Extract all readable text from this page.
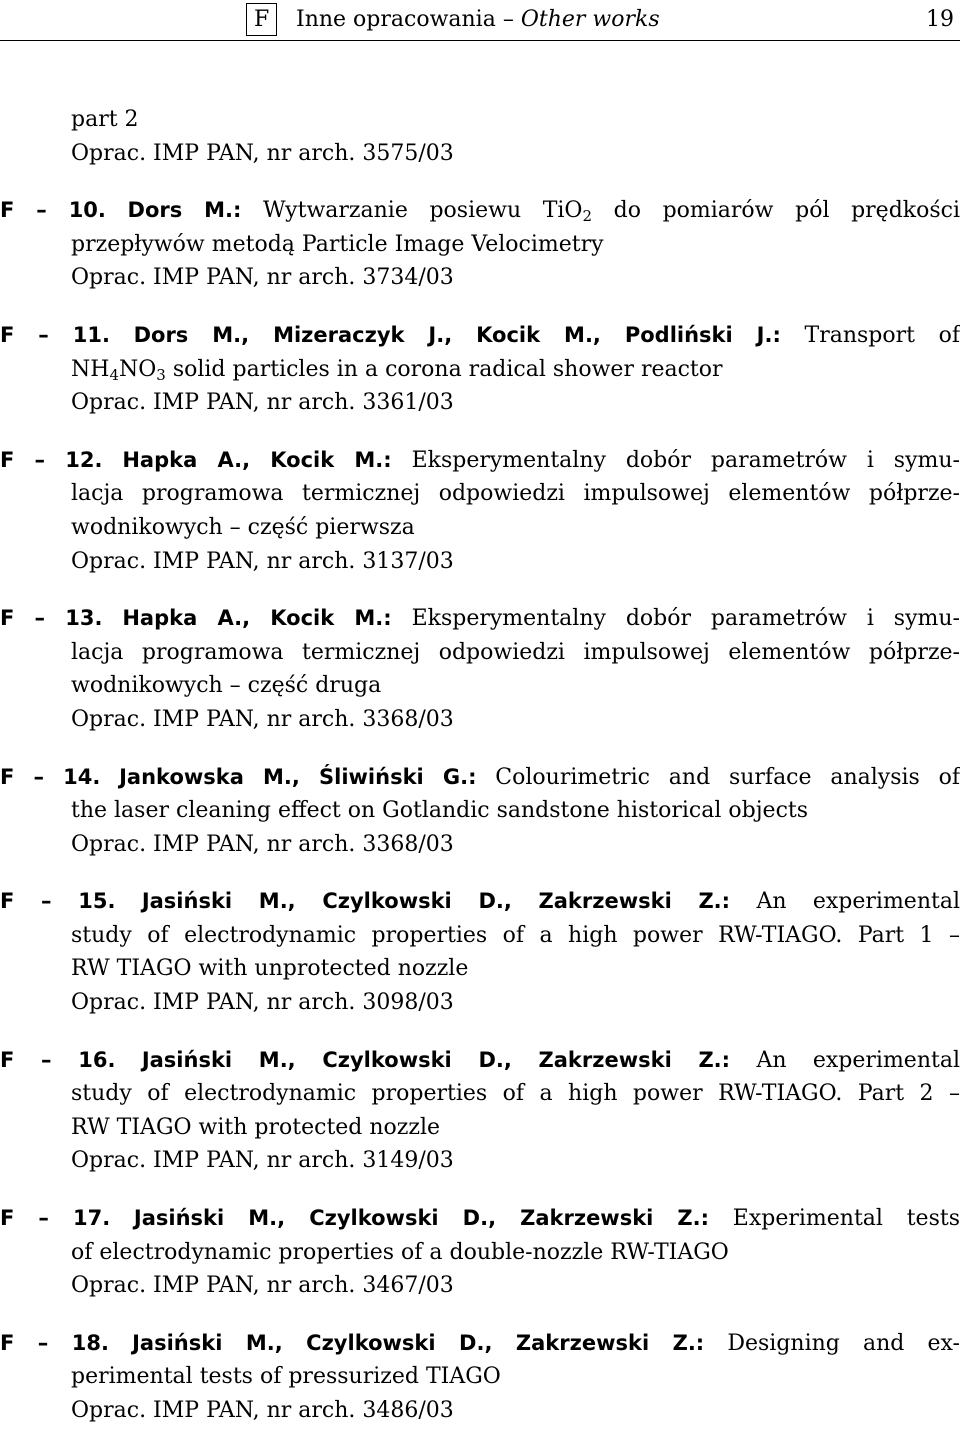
F	Inne opracowania – Other works	19
part 2
Oprac. IMP PAN, nr arch. 3575/03
F – 10. Dors M.: Wytwarzanie posiewu TiO$_2$ do pomiarów pól prędkości
przepływów metodą Particle Image Velocimetry
Oprac. IMP PAN, nr arch. 3734/03
F – 11. Dors M., Mizeraczyk J., Kocik M., Podliński J.: Transport of
$NH_4NO_3$ solid particles in a corona radical shower reactor
Oprac. IMP PAN, nr arch. 3361/03
F – 12. Hapka A., Kocik M.: Eksperymentalny dobór parametrów i symu-
lacja programowa termicznej odpowiedzi impulsowej elementów półprze-
wodnikowych – część pierwsza
Oprac. IMP PAN, nr arch. 3137/03
F – 13. Hapka A., Kocik M.: Eksperymentalny dobór parametrów i symu-
lacja programowa termicznej odpowiedzi impulsowej elementów półprze-
wodnikowych – część druga
Oprac. IMP PAN, nr arch. 3368/03
F – 14. Jankowska M., Śliwiński G.: Colourimetric and surface analysis of
the laser cleaning effect on Gotlandic sandstone historical objects
Oprac. IMP PAN, nr arch. 3368/03
F – 15. Jasiński M., Czylkowski D., Zakrzewski Z.: An experimental
study of electrodynamic properties of a high power RW-TIAGO. Part 1 –
RW TIAGO with unprotected nozzle
Oprac. IMP PAN, nr arch. 3098/03
F – 16. Jasiński M., Czylkowski D., Zakrzewski Z.: An experimental
study of electrodynamic properties of a high power RW-TIAGO. Part 2 –
RW TIAGO with protected nozzle
Oprac. IMP PAN, nr arch. 3149/03
F – 17. Jasiński M., Czylkowski D., Zakrzewski Z.: Experimental tests
of electrodynamic properties of a double-nozzle RW-TIAGO
Oprac. IMP PAN, nr arch. 3467/03
F – 18. Jasiński M., Czylkowski D., Zakrzewski Z.: Designing and ex-
perimental tests of pressurized TIAGO
Oprac. IMP PAN, nr arch. 3486/03
